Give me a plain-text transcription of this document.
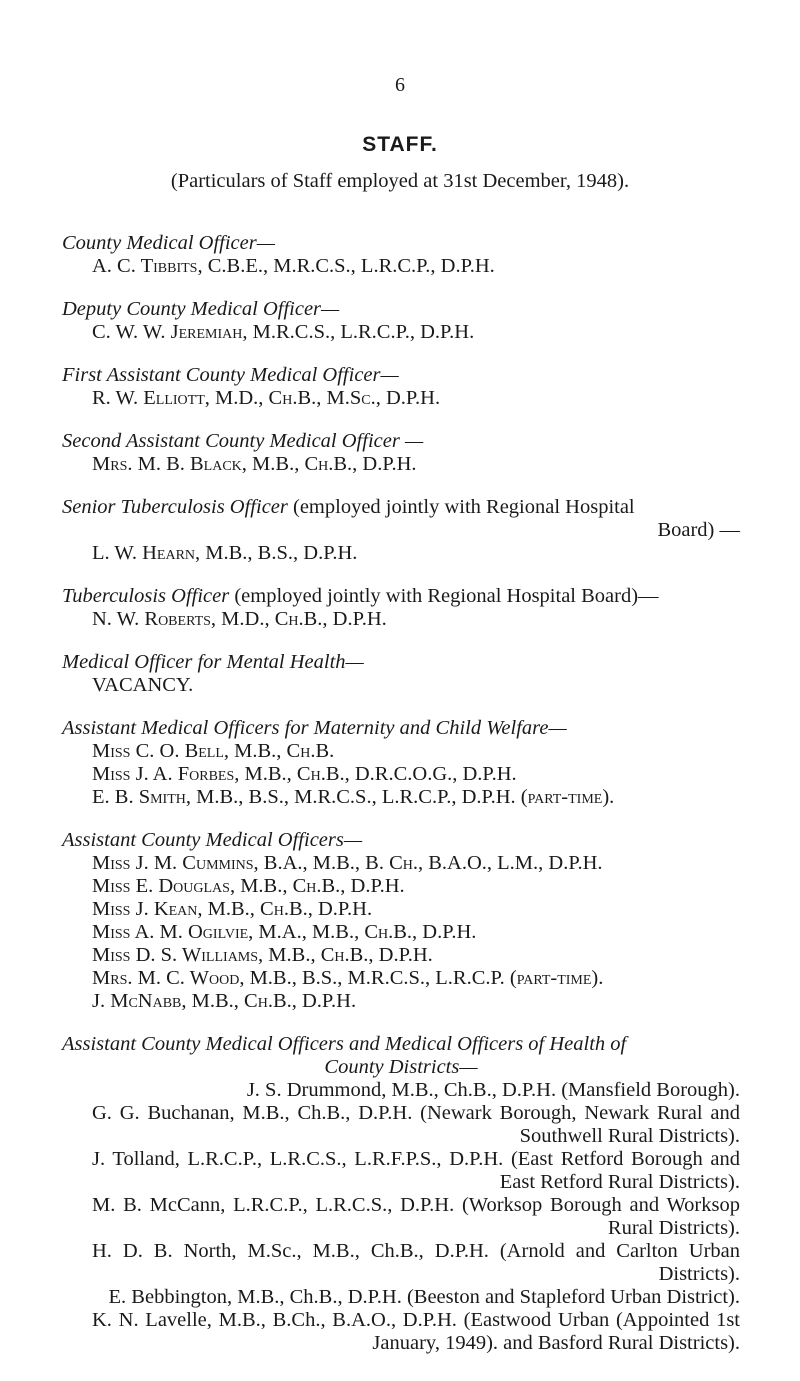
6
STAFF.
(Particulars of Staff employed at 31st December, 1948).
County Medical Officer—
A. C. Tibbits, C.B.E., M.R.C.S., L.R.C.P., D.P.H.
Deputy County Medical Officer—
C. W. W. Jeremiah, M.R.C.S., L.R.C.P., D.P.H.
First Assistant County Medical Officer—
R. W. Elliott, M.D., Ch.B., M.Sc., D.P.H.
Second Assistant County Medical Officer —
Mrs. M. B. Black, M.B., Ch.B., D.P.H.
Senior Tuberculosis Officer (employed jointly with Regional Hospital
Board) —
L. W. Hearn, M.B., B.S., D.P.H.
Tuberculosis Officer (employed jointly with Regional Hospital Board)—
N. W. Roberts, M.D., Ch.B., D.P.H.
Medical Officer for Mental Health—
VACANCY.
Assistant Medical Officers for Maternity and Child Welfare—
Miss C. O. Bell, M.B., Ch.B.
Miss J. A. Forbes, M.B., Ch.B., D.R.C.O.G., D.P.H.
E. B. Smith, M.B., B.S., M.R.C.S., L.R.C.P., D.P.H. (part-time).
Assistant County Medical Officers—
Miss J. M. Cummins, B.A., M.B., B. Ch., B.A.O., L.M., D.P.H.
Miss E. Douglas, M.B., Ch.B., D.P.H.
Miss J. Kean, M.B., Ch.B., D.P.H.
Miss A. M. Ogilvie, M.A., M.B., Ch.B., D.P.H.
Miss D. S. Williams, M.B., Ch.B., D.P.H.
Mrs. M. C. Wood, M.B., B.S., M.R.C.S., L.R.C.P. (part-time).
J. McNabb, M.B., Ch.B., D.P.H.
Assistant County Medical Officers and Medical Officers of Health of
County Districts—
J. S. Drummond, M.B., Ch.B., D.P.H. (Mansfield Borough).
G. G. Buchanan, M.B., Ch.B., D.P.H. (Newark Borough, Newark Rural and Southwell Rural Districts).
J. Tolland, L.R.C.P., L.R.C.S., L.R.F.P.S., D.P.H. (East Retford Borough and East Retford Rural Districts).
M. B. McCann, L.R.C.P., L.R.C.S., D.P.H. (Worksop Borough and Worksop Rural Districts).
H. D. B. North, M.Sc., M.B., Ch.B., D.P.H. (Arnold and Carlton Urban Districts).
E. Bebbington, M.B., Ch.B., D.P.H. (Beeston and Stapleford Urban District).
K. N. Lavelle, M.B., B.Ch., B.A.O., D.P.H. (Eastwood Urban (Appointed 1st January, 1949). and Basford Rural Districts).
